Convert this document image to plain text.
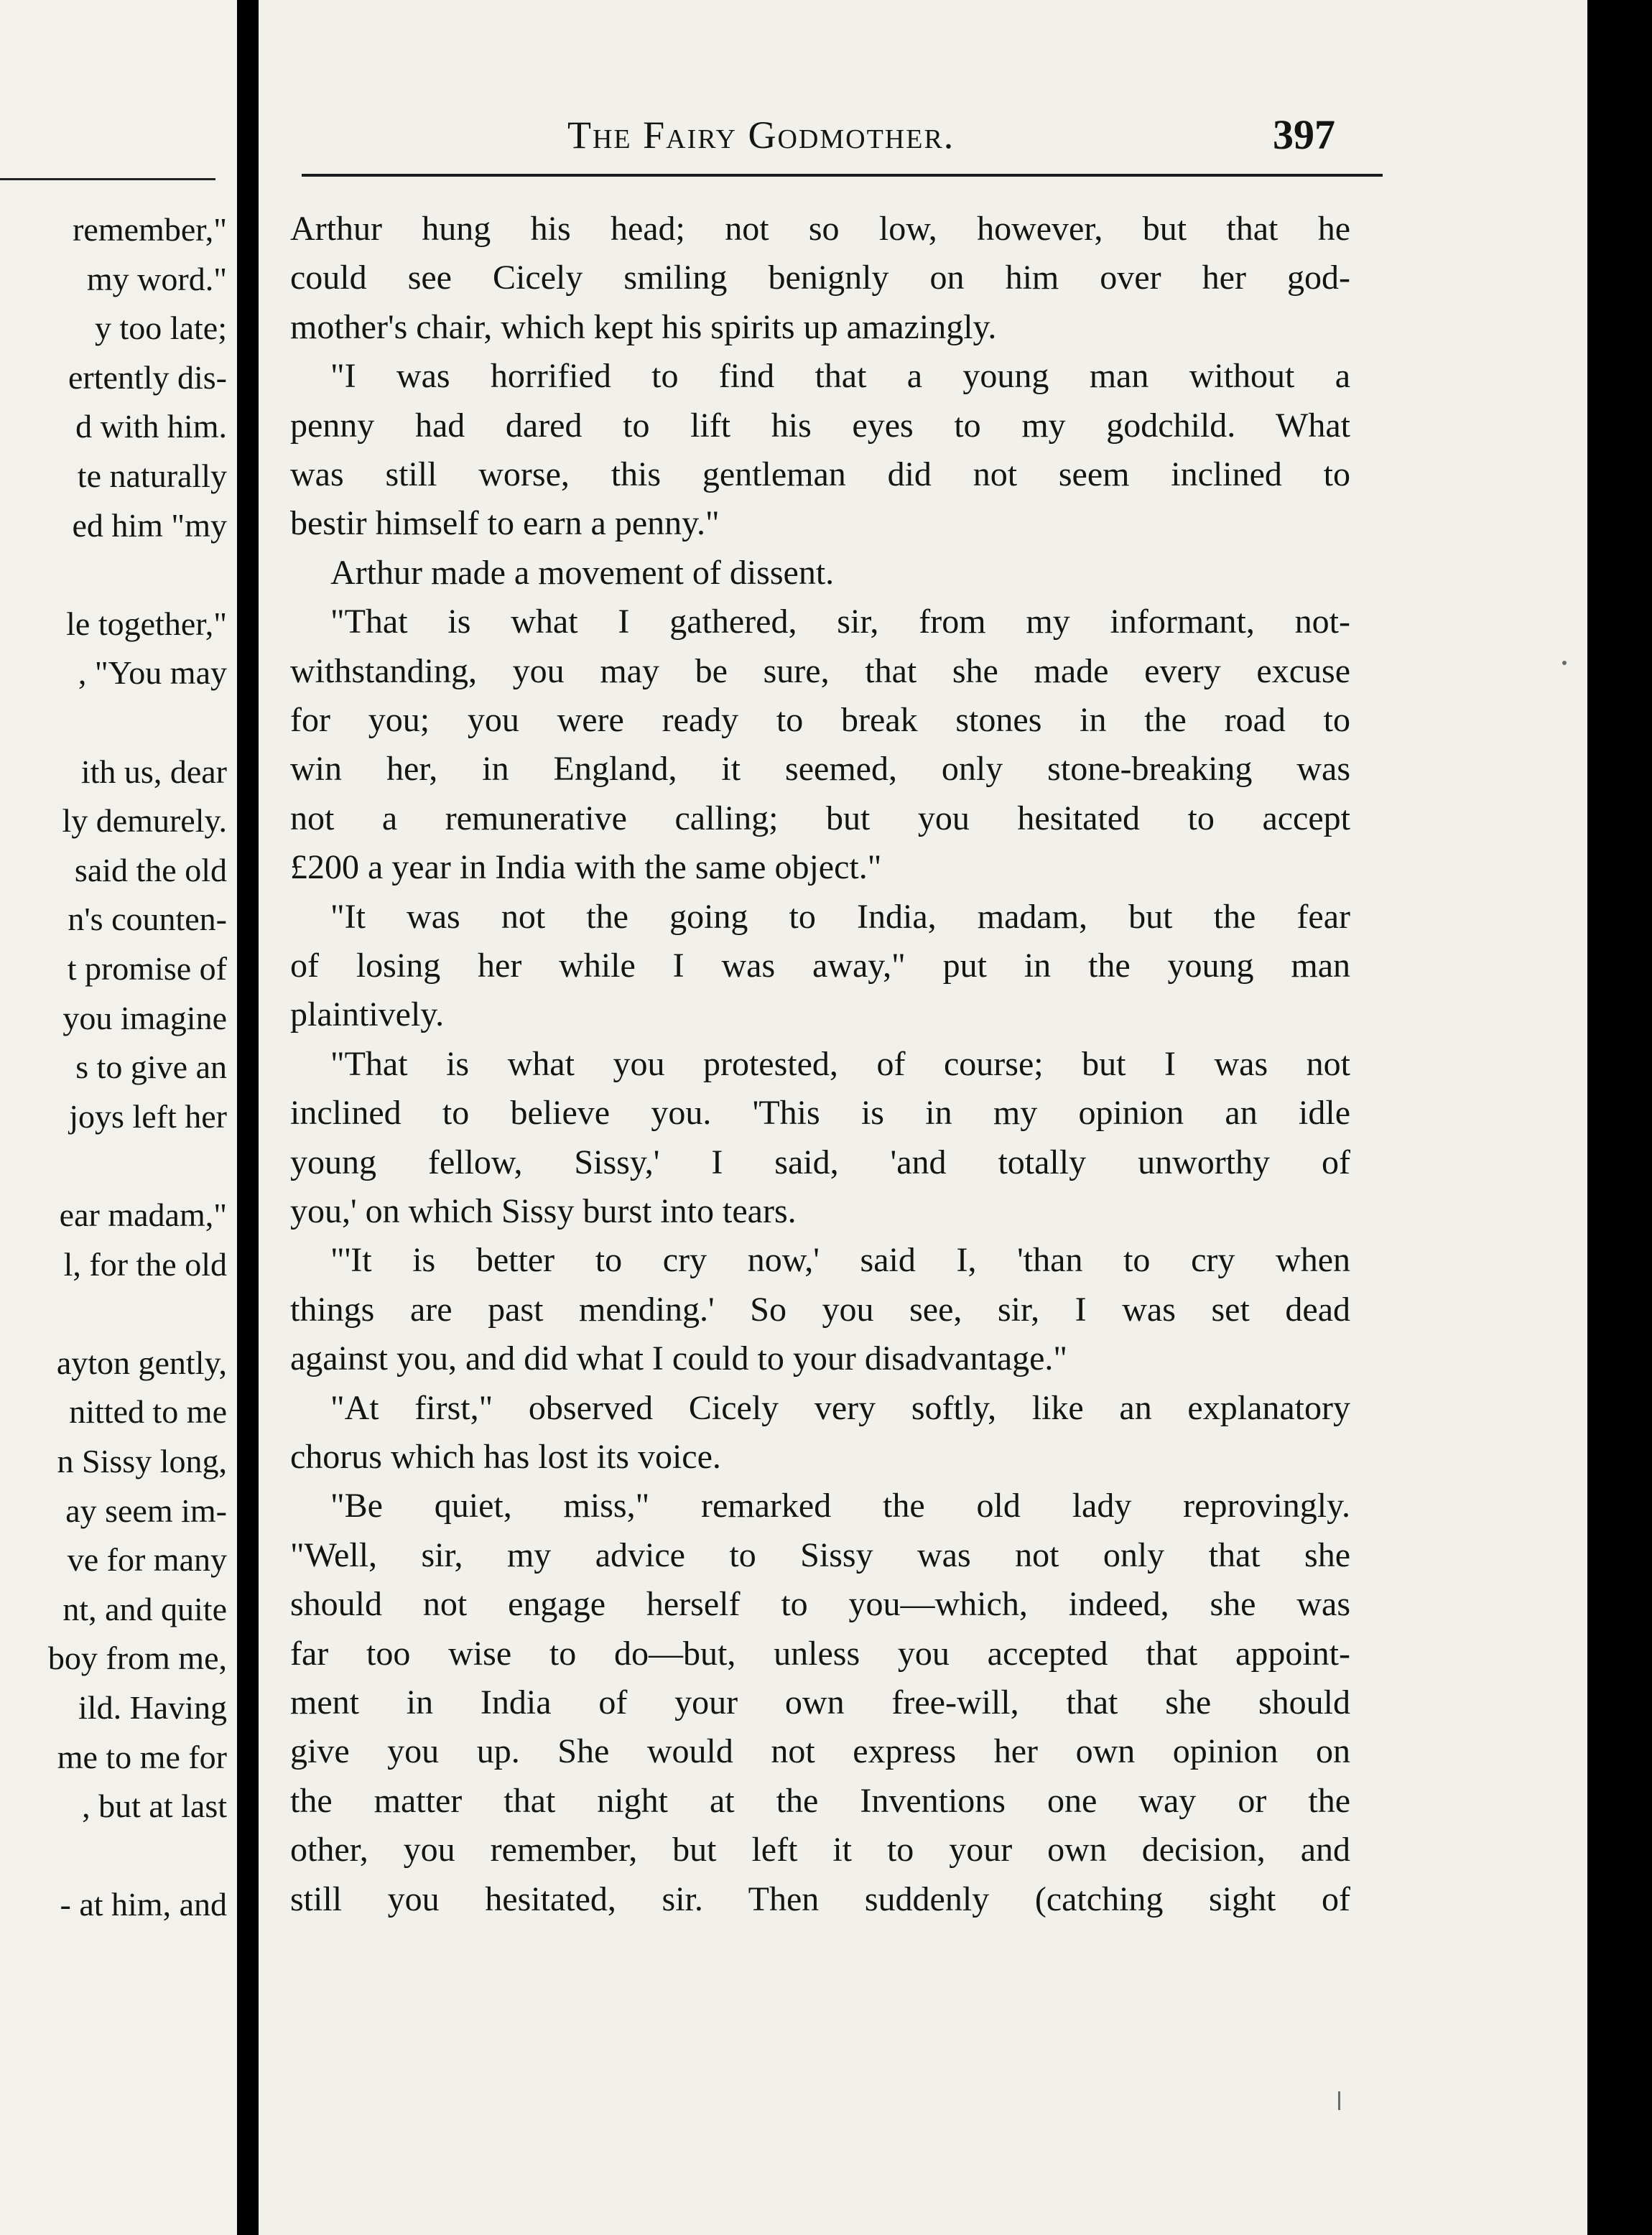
remember,"
my word."
y too late;
ertently dis-
d with him.
te naturally
ed him "my
le together,"
, "You may
ith us, dear
ly demurely.
said the old
n's counten-
t promise of
you imagine
s to give an
joys left her
ear madam,"
l, for the old
ayton gently,
nitted to me
n Sissy long,
ay seem im-
ve for many
nt, and quite
boy from me,
ild. Having
me to me for
, but at last
- at him, and
The Fairy Godmother.	397
Arthur hung his head; not so low, however, but that he
could see Cicely smiling benignly on him over her god-
mother's chair, which kept his spirits up amazingly.
"I was horrified to find that a young man without a
penny had dared to lift his eyes to my godchild. What
was still worse, this gentleman did not seem inclined to
bestir himself to earn a penny."
Arthur made a movement of dissent.
"That is what I gathered, sir, from my informant, not-
withstanding, you may be sure, that she made every excuse
for you; you were ready to break stones in the road to
win her, in England, it seemed, only stone-breaking was
not a remunerative calling; but you hesitated to accept
£200 a year in India with the same object."
"It was not the going to India, madam, but the fear
of losing her while I was away," put in the young man
plaintively.
"That is what you protested, of course; but I was not
inclined to believe you. 'This is in my opinion an idle
young fellow, Sissy,' I said, 'and totally unworthy of
you,' on which Sissy burst into tears.
"'It is better to cry now,' said I, 'than to cry when
things are past mending.' So you see, sir, I was set dead
against you, and did what I could to your disadvantage."
"At first," observed Cicely very softly, like an explanatory
chorus which has lost its voice.
"Be quiet, miss," remarked the old lady reprovingly.
"Well, sir, my advice to Sissy was not only that she
should not engage herself to you—which, indeed, she was
far too wise to do—but, unless you accepted that appoint-
ment in India of your own free-will, that she should
give you up. She would not express her own opinion on
the matter that night at the Inventions one way or the
other, you remember, but left it to your own decision, and
still you hesitated, sir. Then suddenly (catching sight of
